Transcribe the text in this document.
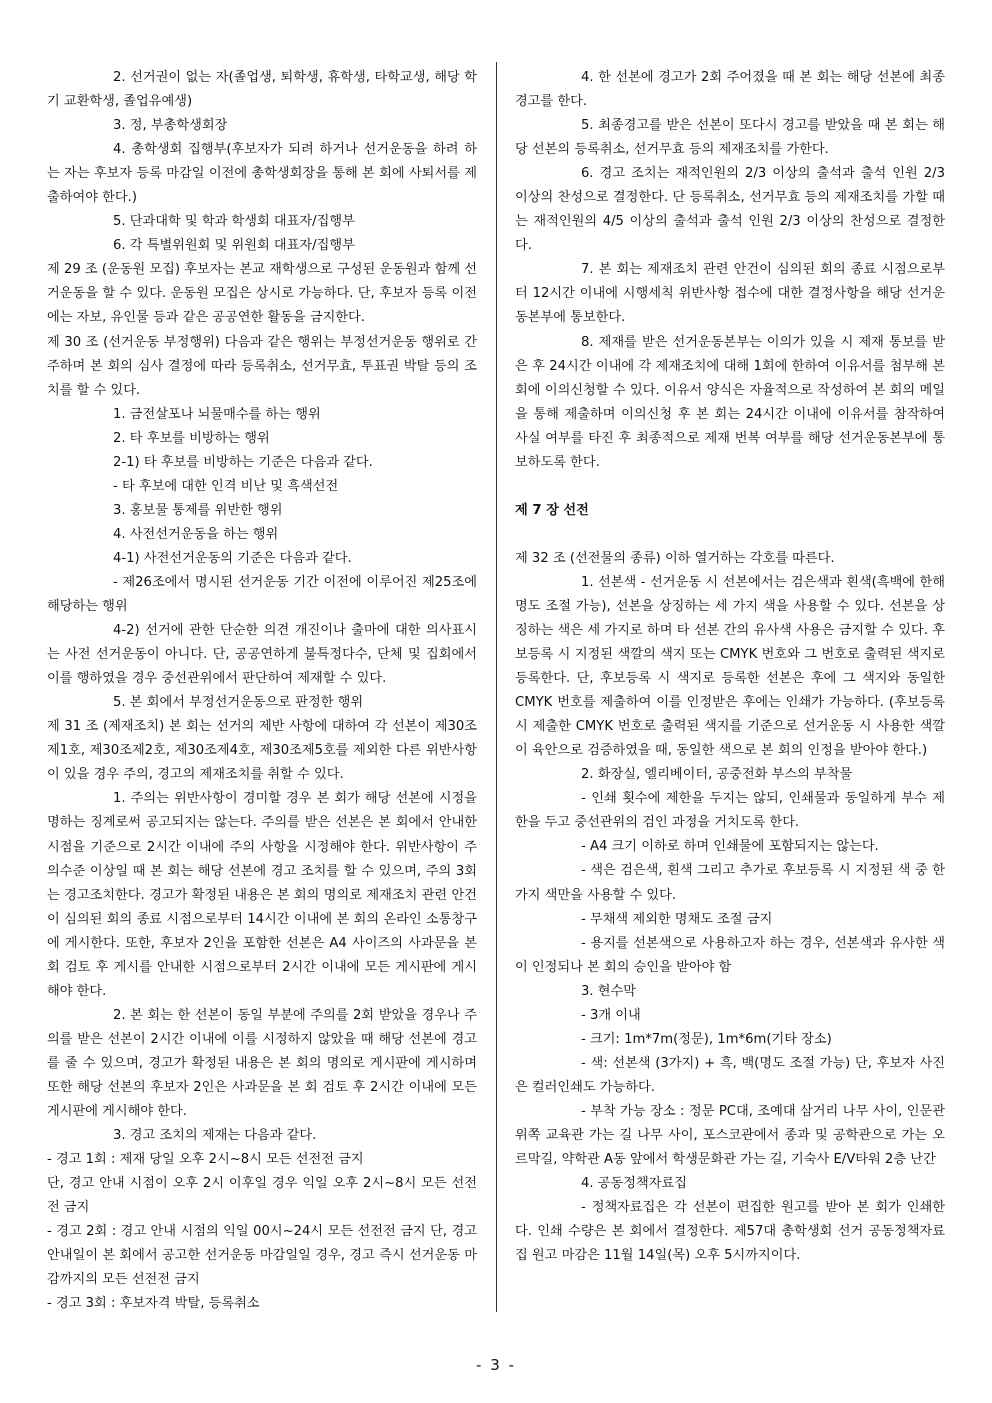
2. 선거권이 없는 자(졸업생, 퇴학생, 휴학생, 타학교생, 해당 학기 교환학생, 졸업유예생)

3. 정, 부총학생회장

4. 총학생회 집행부(후보자가 되려 하거나 선거운동을 하려 하는 자는 후보자 등록 마감일 이전에 총학생회장을 통해 본 회에 사퇴서를 제출하여야 한다.)

5. 단과대학 및 학과 학생회 대표자/집행부

6. 각 특별위원회 및 위원회 대표자/집행부

제 29 조 (운동원 모집) 후보자는 본교 재학생으로 구성된 운동원과 함께 선거운동을 할 수 있다. 운동원 모집은 상시로 가능하다. 단, 후보자 등록 이전에는 자보, 유인물 등과 같은 공공연한 활동을 금지한다.

제 30 조 (선거운동 부정행위) 다음과 같은 행위는 부정선거운동 행위로 간주하며 본 회의 심사 결정에 따라 등록취소, 선거무효, 투표권 박탈 등의 조치를 할 수 있다.

1. 금전살포나 뇌물매수를 하는 행위

2. 타 후보를 비방하는 행위

2-1) 타 후보를 비방하는 기준은 다음과 같다.

- 타 후보에 대한 인격 비난 및 흑색선전

3. 홍보물 통제를 위반한 행위

4. 사전선거운동을 하는 행위

4-1) 사전선거운동의 기준은 다음과 같다.

- 제26조에서 명시된 선거운동 기간 이전에 이루어진 제25조에 해당하는 행위

4-2) 선거에 관한 단순한 의견 개진이나 출마에 대한 의사표시는 사전 선거운동이 아니다. 단, 공공연하게 불특정다수, 단체 및 집회에서 이를 행하였을 경우 중선관위에서 판단하여 제재할 수 있다.

5. 본 회에서 부정선거운동으로 판정한 행위

제 31 조 (제재조치) 본 회는 선거의 제반 사항에 대하여 각 선본이 제30조제1호, 제30조제2호, 제30조제4호, 제30조제5호를 제외한 다른 위반사항이 있을 경우 주의, 경고의 제재조치를 취할 수 있다.

1. 주의는 위반사항이 경미할 경우 본 회가 해당 선본에 시정을 명하는 징계로써 공고되지는 않는다. 주의를 받은 선본은 본 회에서 안내한 시점을 기준으로 2시간 이내에 주의 사항을 시정해야 한다. 위반사항이 주의수준 이상일 때 본 회는 해당 선본에 경고 조치를 할 수 있으며, 주의 3회는 경고조치한다. 경고가 확정된 내용은 본 회의 명의로 제재조치 관련 안건이 심의된 회의 종료 시점으로부터 14시간 이내에 본 회의 온라인 소통창구에 게시한다. 또한, 후보자 2인을 포함한 선본은 A4 사이즈의 사과문을 본 회 검토 후 게시를 안내한 시점으로부터 2시간 이내에 모든 게시판에 게시해야 한다.

2. 본 회는 한 선본이 동일 부분에 주의를 2회 받았을 경우나 주의를 받은 선본이 2시간 이내에 이를 시정하지 않았을 때 해당 선본에 경고를 줄 수 있으며, 경고가 확정된 내용은 본 회의 명의로 게시판에 게시하며 또한 해당 선본의 후보자 2인은 사과문을 본 회 검토 후 2시간 이내에 모든 게시판에 게시해야 한다.

3. 경고 조치의 제재는 다음과 같다.

- 경고 1회 : 제재 당일 오후 2시~8시 모든 선전전 금지

단, 경고 안내 시점이 오후 2시 이후일 경우 익일 오후 2시~8시 모든 선전전 금지

- 경고 2회 : 경고 안내 시점의 익일 00시~24시 모든 선전전 금지 단, 경고 안내일이 본 회에서 공고한 선거운동 마감일일 경우, 경고 즉시 선거운동 마감까지의 모든 선전전 금지

- 경고 3회 : 후보자격 박탈, 등록취소

4. 한 선본에 경고가 2회 주어졌을 때 본 회는 해당 선본에 최종경고를 한다.

5. 최종경고를 받은 선본이 또다시 경고를 받았을 때 본 회는 해당 선본의 등록취소, 선거무효 등의 제재조치를 가한다.

6. 경고 조치는 재적인원의 2/3 이상의 출석과 출석 인원 2/3 이상의 찬성으로 결정한다. 단 등록취소, 선거무효 등의 제재조치를 가할 때는 재적인원의 4/5 이상의 출석과 출석 인원 2/3 이상의 찬성으로 결정한다.

7. 본 회는 제재조치 관련 안건이 심의된 회의 종료 시점으로부터 12시간 이내에 시행세칙 위반사항 접수에 대한 결정사항을 해당 선거운동본부에 통보한다.

8. 제재를 받은 선거운동본부는 이의가 있을 시 제재 통보를 받은 후 24시간 이내에 각 제재조치에 대해 1회에 한하여 이유서를 첨부해 본 회에 이의신청할 수 있다. 이유서 양식은 자율적으로 작성하여 본 회의 메일을 통해 제출하며 이의신청 후 본 회는 24시간 이내에 이유서를 참작하여 사실 여부를 타진 후 최종적으로 제재 번복 여부를 해당 선거운동본부에 통보하도록 한다.

제 7 장 선전

제 32 조 (선전물의 종류) 이하 열거하는 각호를 따른다.

1. 선본색 - 선거운동 시 선본에서는 검은색과 흰색(흑백에 한해 명도 조절 가능), 선본을 상징하는 세 가지 색을 사용할 수 있다. 선본을 상징하는 색은 세 가지로 하며 타 선본 간의 유사색 사용은 금지할 수 있다. 후보등록 시 지정된 색깔의 색지 또는 CMYK 번호와 그 번호로 출력된 색지로 등록한다. 단, 후보등록 시 색지로 등록한 선본은 후에 그 색지와 동일한 CMYK 번호를 제출하여 이를 인정받은 후에는 인쇄가 가능하다. (후보등록 시 제출한 CMYK 번호로 출력된 색지를 기준으로 선거운동 시 사용한 색깔이 육안으로 검증하였을 때, 동일한 색으로 본 회의 인정을 받아야 한다.)

2. 화장실, 엘리베이터, 공중전화 부스의 부착물

- 인쇄 횟수에 제한을 두지는 않되, 인쇄물과 동일하게 부수 제한을 두고 중선관위의 검인 과정을 거치도록 한다.

- A4 크기 이하로 하며 인쇄물에 포함되지는 않는다.

- 색은 검은색, 흰색 그리고 추가로 후보등록 시 지정된 색 중 한 가지 색만을 사용할 수 있다.

- 무채색 제외한 명채도 조절 금지

- 용지를 선본색으로 사용하고자 하는 경우, 선본색과 유사한 색이 인정되나 본 회의 승인을 받아야 함

3. 현수막

- 3개 이내

- 크기: 1m*7m(정문), 1m*6m(기타 장소)

- 색: 선본색 (3가지) + 흑, 백(명도 조절 가능) 단, 후보자 사진은 컬러인쇄도 가능하다.

- 부착 가능 장소 : 정문 PC대, 조예대 삼거리 나무 사이, 인문관 위쪽 교육관 가는 길 나무 사이, 포스코관에서 종과 및 공학관으로 가는 오르막길, 약학관 A동 앞에서 학생문화관 가는 길, 기숙사 E/V타워 2층 난간

4. 공동정책자료집

- 정책자료집은 각 선본이 편집한 원고를 받아 본 회가 인쇄한다. 인쇄 수량은 본 회에서 결정한다. 제57대 총학생회 선거 공동정책자료집 원고 마감은 11월 14일(목) 오후 5시까지이다.

- 3 -
